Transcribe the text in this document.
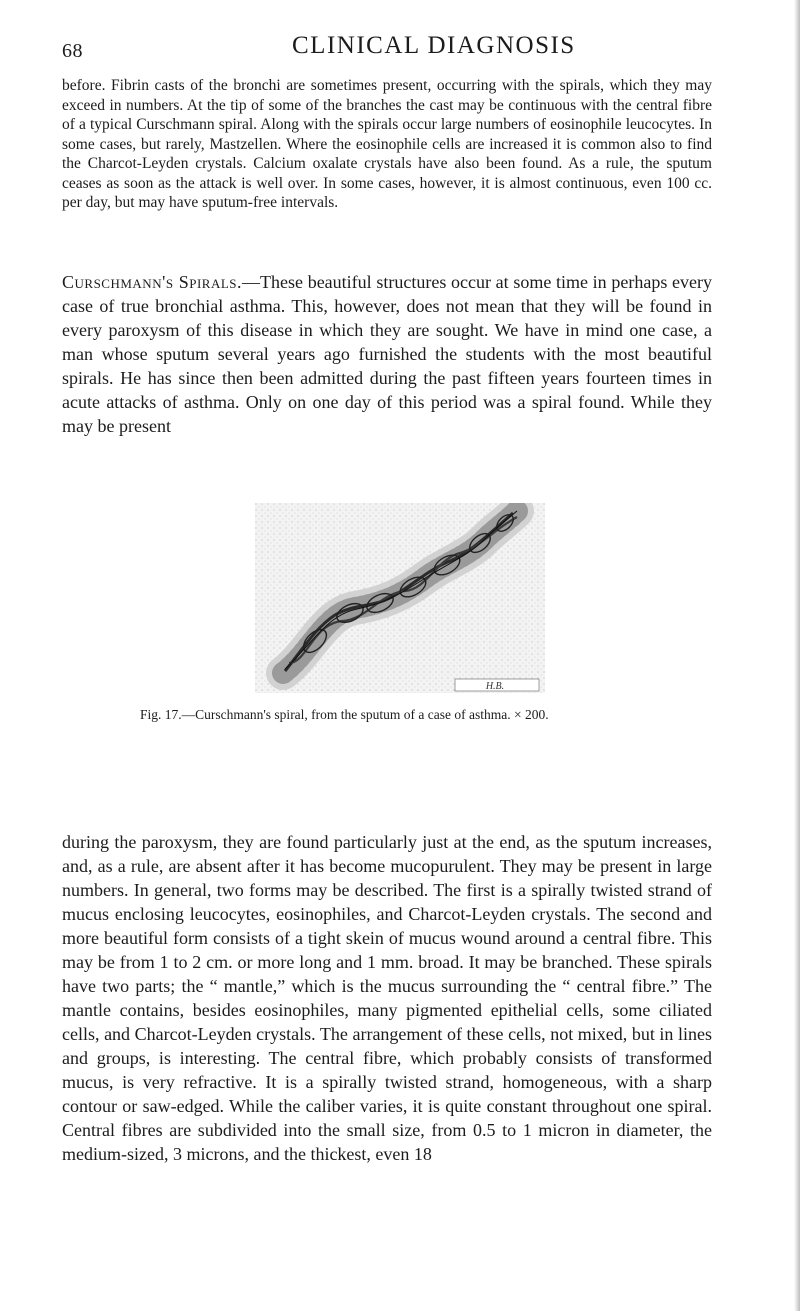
68	CLINICAL DIAGNOSIS

before. Fibrin casts of the bronchi are sometimes present, occurring with the spirals, which they may exceed in numbers. At the tip of some of the branches the cast may be continuous with the central fibre of a typical Curschmann spiral. Along with the spirals occur large numbers of eosinophile leucocytes. In some cases, but rarely, Mastzellen. Where the eosinophile cells are increased it is common also to find the Charcot-Leyden crystals. Calcium oxalate crystals have also been found. As a rule, the sputum ceases as soon as the attack is well over. In some cases, however, it is almost continuous, even 100 cc. per day, but may have sputum-free intervals.

Curschmann's Spirals.—These beautiful structures occur at some time in perhaps every case of true bronchial asthma. This, however, does not mean that they will be found in every paroxysm of this disease in which they are sought. We have in mind one case, a man whose sputum several years ago furnished the students with the most beautiful spirals. He has since then been admitted during the past fifteen years fourteen times in acute attacks of asthma. Only on one day of this period was a spiral found. While they may be present

H.B.

Fig. 17.—Curschmann's spiral, from the sputum of a case of asthma. × 200.

during the paroxysm, they are found particularly just at the end, as the sputum increases, and, as a rule, are absent after it has become mucopurulent. They may be present in large numbers. In general, two forms may be described. The first is a spirally twisted strand of mucus enclosing leucocytes, eosinophiles, and Charcot-Leyden crystals. The second and more beautiful form consists of a tight skein of mucus wound around a central fibre. This may be from 1 to 2 cm. or more long and 1 mm. broad. It may be branched. These spirals have two parts; the “ mantle,” which is the mucus surrounding the “ central fibre.” The mantle contains, besides eosinophiles, many pigmented epithelial cells, some ciliated cells, and Charcot-Leyden crystals. The arrangement of these cells, not mixed, but in lines and groups, is interesting. The central fibre, which probably consists of transformed mucus, is very refractive. It is a spirally twisted strand, homogeneous, with a sharp contour or saw-edged. While the caliber varies, it is quite constant throughout one spiral. Central fibres are subdivided into the small size, from 0.5 to 1 micron in diameter, the medium-sized, 3 microns, and the thickest, even 18
